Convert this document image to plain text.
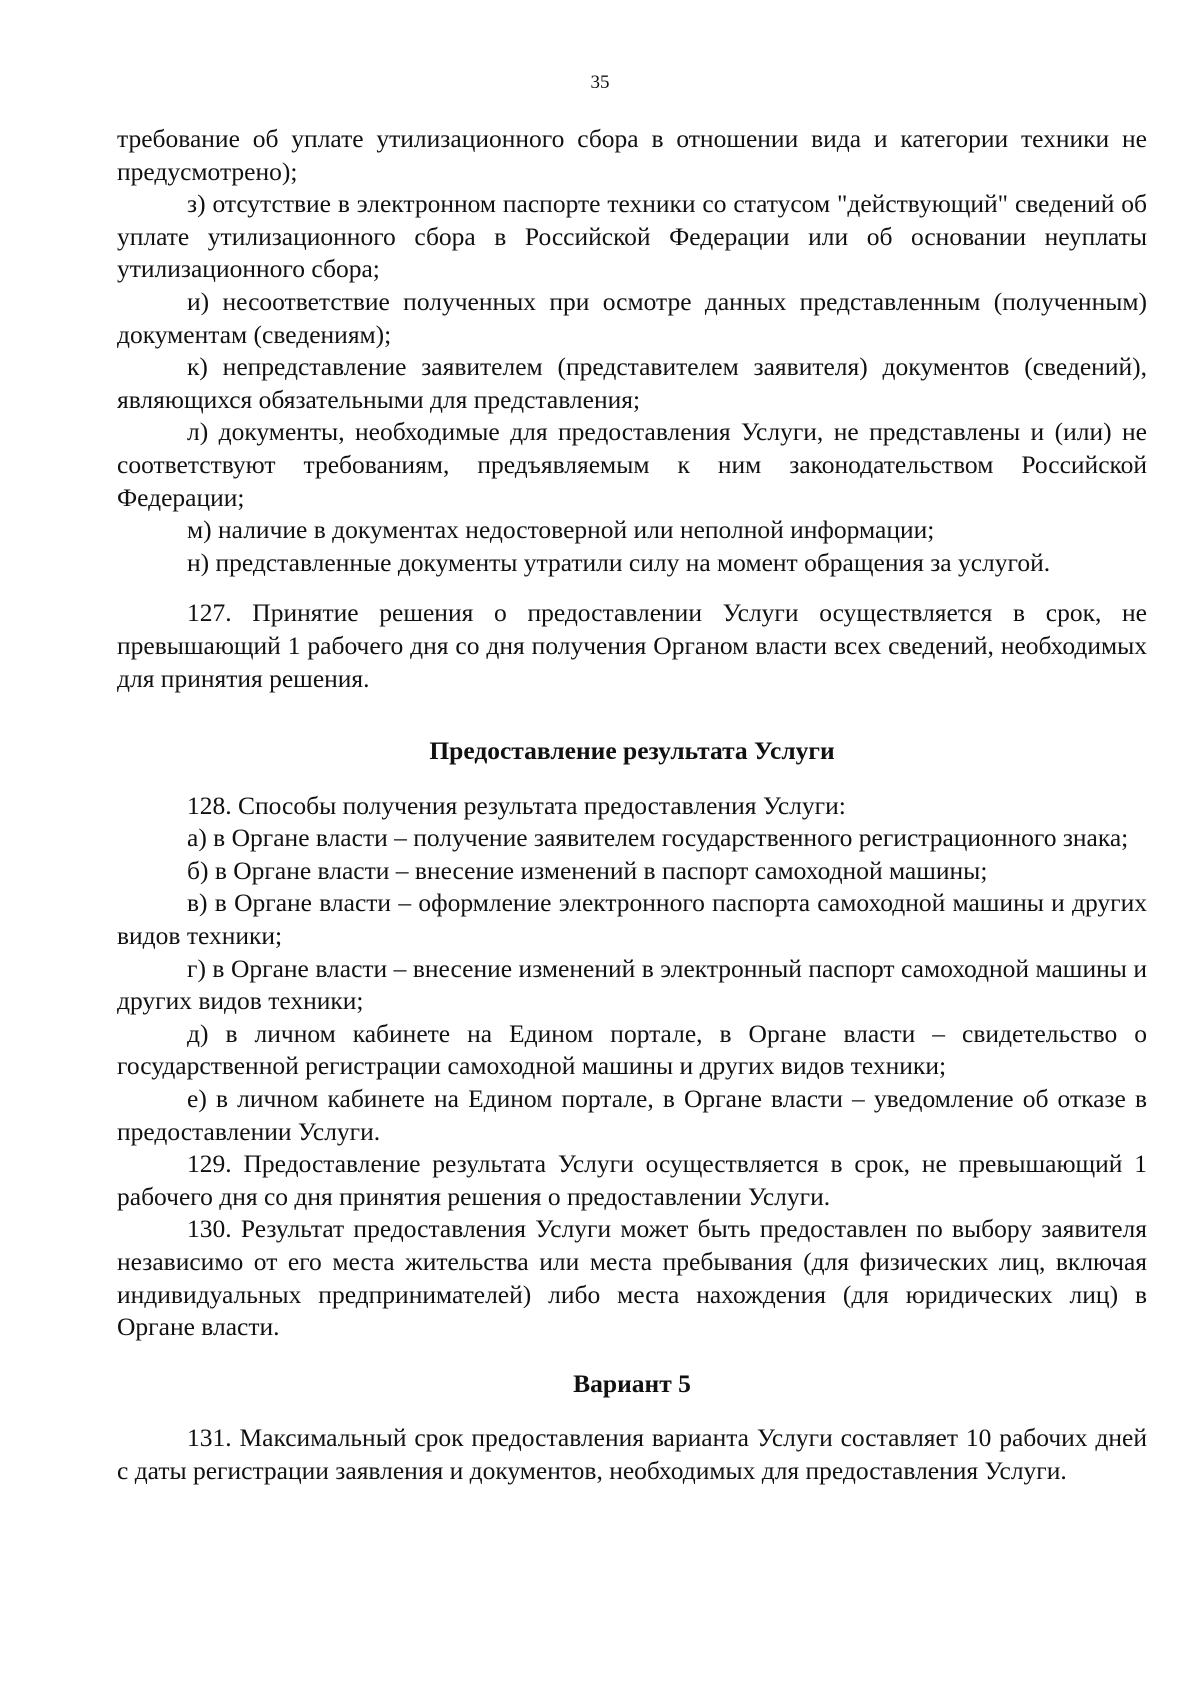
35

требование об уплате утилизационного сбора в отношении вида и категории техники не предусмотрено);

з) отсутствие в электронном паспорте техники со статусом "действующий" сведений об уплате утилизационного сбора в Российской Федерации или об основании неуплаты утилизационного сбора;

и) несоответствие полученных при осмотре данных представленным (полученным) документам (сведениям);

к) непредставление заявителем (представителем заявителя) документов (сведений), являющихся обязательными для представления;

л) документы, необходимые для предоставления Услуги, не представлены и (или) не соответствуют требованиям, предъявляемым к ним законодательством Российской Федерации;

м) наличие в документах недостоверной или неполной информации;

н) представленные документы утратили силу на момент обращения за услугой.

127. Принятие решения о предоставлении Услуги осуществляется в срок, не превышающий 1 рабочего дня со дня получения Органом власти всех сведений, необходимых для принятия решения.

Предоставление результата Услуги

128. Способы получения результата предоставления Услуги:

а) в Органе власти – получение заявителем государственного регистрационного знака;

б) в Органе власти – внесение изменений в паспорт самоходной машины;

в) в Органе власти – оформление электронного паспорта самоходной машины и других видов техники;

г) в Органе власти – внесение изменений в электронный паспорт самоходной машины и других видов техники;

д) в личном кабинете на Едином портале, в Органе власти – свидетельство о государственной регистрации самоходной машины и других видов техники;

е) в личном кабинете на Едином портале, в Органе власти – уведомление об отказе в предоставлении Услуги.

129. Предоставление результата Услуги осуществляется в срок, не превышающий 1 рабочего дня со дня принятия решения о предоставлении Услуги.

130. Результат предоставления Услуги может быть предоставлен по выбору заявителя независимо от его места жительства или места пребывания (для физических лиц, включая индивидуальных предпринимателей) либо места нахождения (для юридических лиц) в Органе власти.

Вариант 5

131. Максимальный срок предоставления варианта Услуги составляет 10 рабочих дней с даты регистрации заявления и документов, необходимых для предоставления Услуги.
